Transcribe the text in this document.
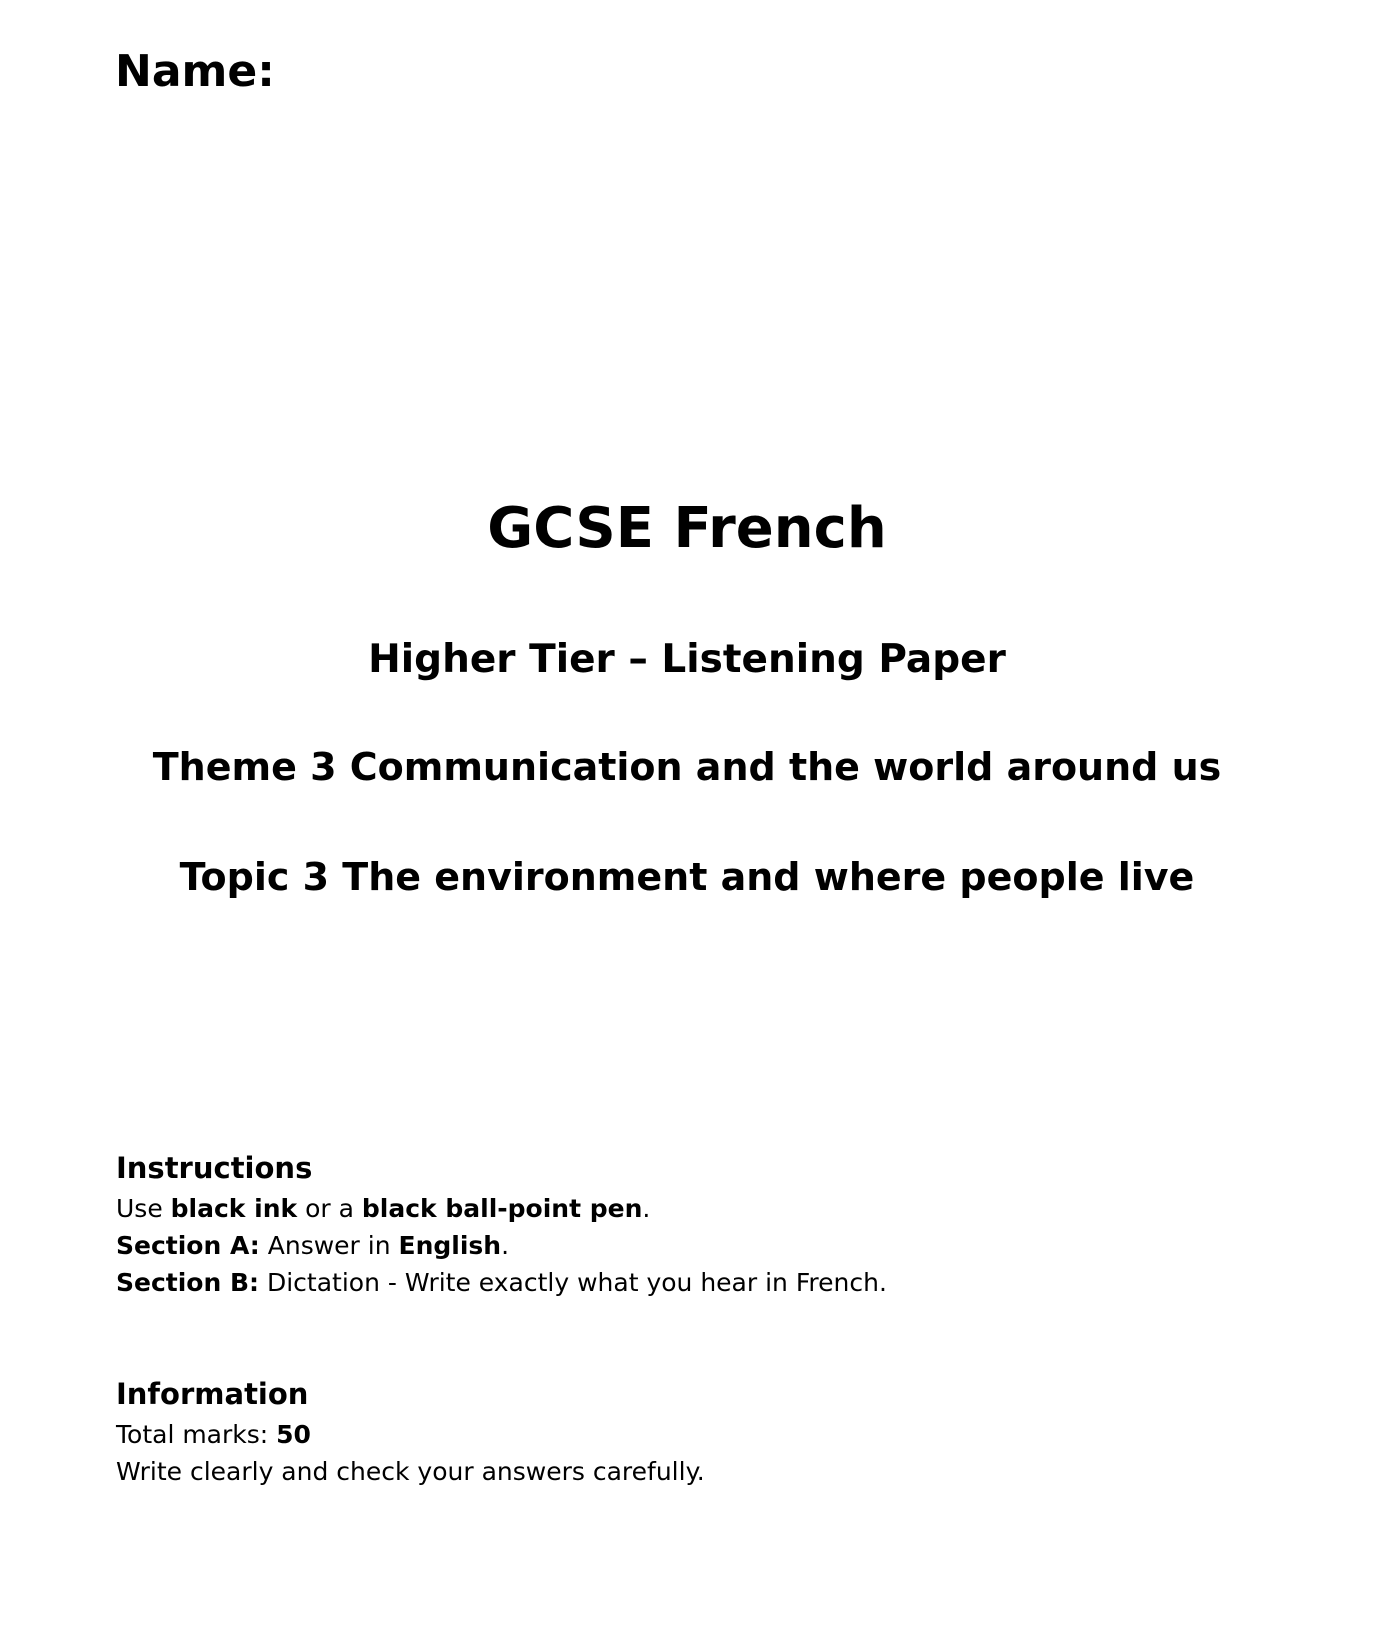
Name:
GCSE French
Higher Tier – Listening Paper
Theme 3 Communication and the world around us
Topic 3 The environment and where people live
Instructions

Use black ink or a black ball-point pen.

Section A: Answer in English.

Section B: Dictation - Write exactly what you hear in French.

Information

Total marks: 50

Write clearly and check your answers carefully.
